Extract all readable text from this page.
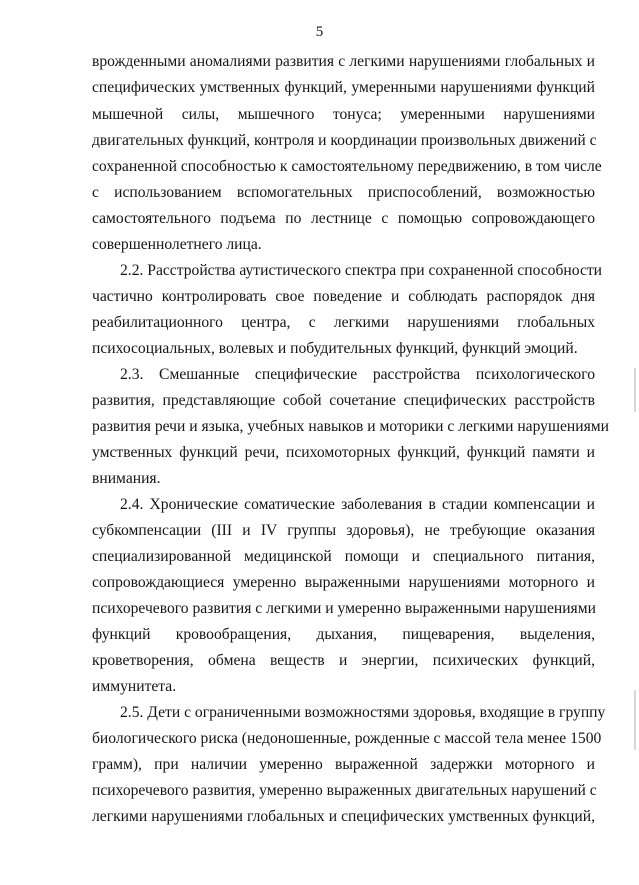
5
врожденными аномалиями развития с легкими нарушениями глобальных и
специфических умственных функций, умеренными нарушениями функций
мышечной силы, мышечного тонуса; умеренными нарушениями
двигательных функций, контроля и координации произвольных движений с
сохраненной способностью к самостоятельному передвижению, в том числе
с использованием вспомогательных приспособлений, возможностью
самостоятельного подъема по лестнице с помощью сопровождающего
совершеннолетнего лица.
2.2. Расстройства аутистического спектра при сохраненной способности
частично контролировать свое поведение и соблюдать распорядок дня
реабилитационного центра, с легкими нарушениями глобальных
психосоциальных, волевых и побудительных функций, функций эмоций.
2.3. Смешанные специфические расстройства психологического
развития, представляющие собой сочетание специфических расстройств
развития речи и языка, учебных навыков и моторики с легкими нарушениями
умственных функций речи, психомоторных функций, функций памяти и
внимания.
2.4. Хронические соматические заболевания в стадии компенсации и
субкомпенсации (III и IV группы здоровья), не требующие оказания
специализированной медицинской помощи и специального питания,
сопровождающиеся умеренно выраженными нарушениями моторного и
психоречевого развития с легкими и умеренно выраженными нарушениями
функций кровообращения, дыхания, пищеварения, выделения,
кроветворения, обмена веществ и энергии, психических функций,
иммунитета.
2.5. Дети с ограниченными возможностями здоровья, входящие в группу
биологического риска (недоношенные, рожденные с массой тела менее 1500
грамм), при наличии умеренно выраженной задержки моторного и
психоречевого развития, умеренно выраженных двигательных нарушений с
легкими нарушениями глобальных и специфических умственных функций,
